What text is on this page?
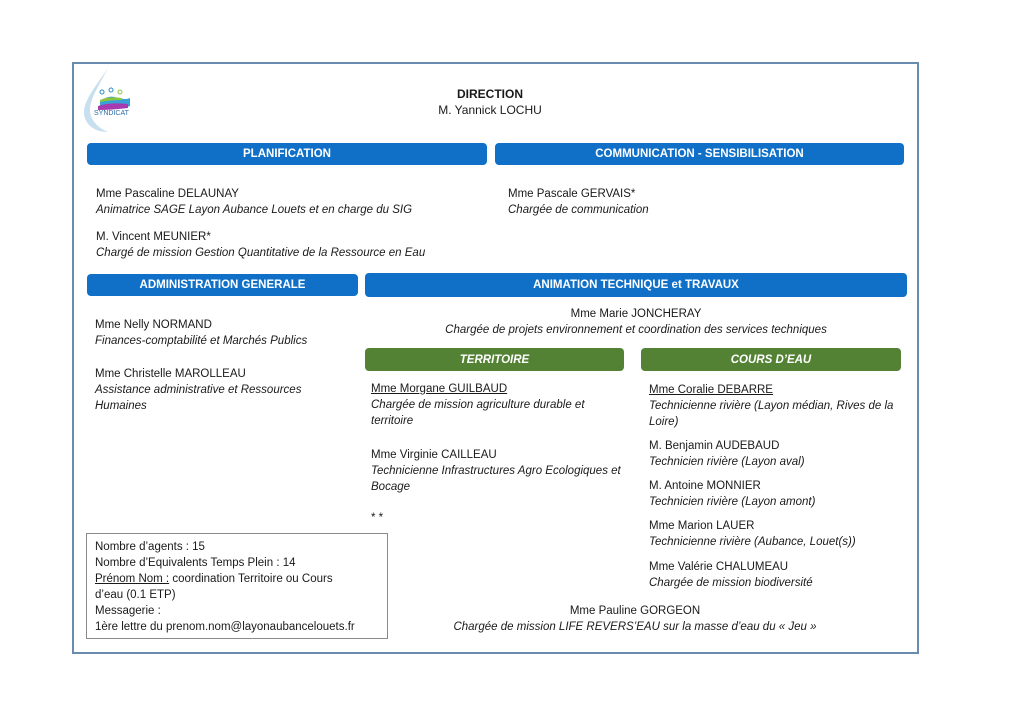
SYNDICAT
DIRECTION
M. Yannick LOCHU
PLANIFICATION
Mme Pascaline DELAUNAY
Animatrice SAGE Layon Aubance Louets et en charge du SIG
M. Vincent MEUNIER*
Chargé de mission Gestion Quantitative de la Ressource en Eau
COMMUNICATION - SENSIBILISATION
Mme Pascale GERVAIS*
Chargée de communication
ADMINISTRATION GENERALE
Mme Nelly NORMAND
Finances-comptabilité et Marchés Publics
Mme Christelle MAROLLEAU
Assistance administrative et Ressources Humaines
ANIMATION TECHNIQUE et TRAVAUX
Mme Marie JONCHERAY
Chargée de projets environnement et coordination des services techniques
TERRITOIRE
Mme Morgane GUILBAUD
Chargée de mission agriculture durable et territoire
Mme Virginie CAILLEAU
Technicienne Infrastructures Agro Ecologiques et Bocage
* *
COURS D’EAU
Mme Coralie DEBARRE
Technicienne rivière (Layon médian, Rives de la Loire)
M. Benjamin AUDEBAUD
Technicien rivière (Layon aval)
M. Antoine MONNIER
Technicien rivière (Layon amont)
Mme Marion LAUER
Technicienne rivière (Aubance, Louet(s))
Mme Valérie CHALUMEAU
Chargée de mission biodiversité
Mme Pauline GORGEON
Chargée de mission LIFE REVERS’EAU sur la masse d’eau du « Jeu »
Nombre d’agents : 15
Nombre d’Equivalents Temps Plein : 14
Prénom Nom : coordination Territoire ou Cours
d’eau (0.1 ETP)
Messagerie :
1ère lettre du prenom.nom@layonaubancelouets.fr
